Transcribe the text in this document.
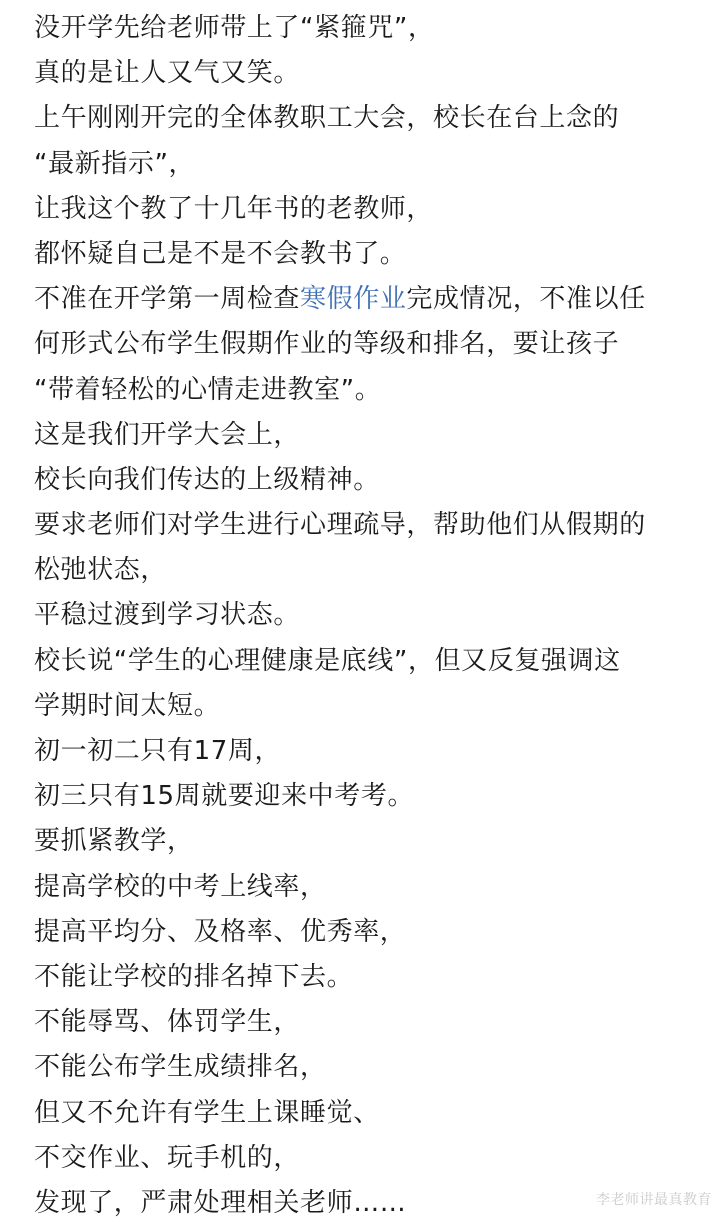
没开学先给老师带上了“紧箍咒”，
真的是让人又气又笑。
上午刚刚开完的全体教职工大会，校长在台上念的
“最新指示”，
让我这个教了十几年书的老教师，
都怀疑自己是不是不会教书了。
不准在开学第一周检查寒假作业完成情况，不准以任
何形式公布学生假期作业的等级和排名，要让孩子
“带着轻松的心情走进教室”。
这是我们开学大会上，
校长向我们传达的上级精神。
要求老师们对学生进行心理疏导，帮助他们从假期的
松弛状态，
平稳过渡到学习状态。
校长说“学生的心理健康是底线”，但又反复强调这
学期时间太短。
初一初二只有17周，
初三只有15周就要迎来中考考。
要抓紧教学，
提高学校的中考上线率，
提高平均分、及格率、优秀率，
不能让学校的排名掉下去。
不能辱骂、体罚学生，
不能公布学生成绩排名，
但又不允许有学生上课睡觉、
不交作业、玩手机的，
发现了，严肃处理相关老师……	李老师讲最真教育
